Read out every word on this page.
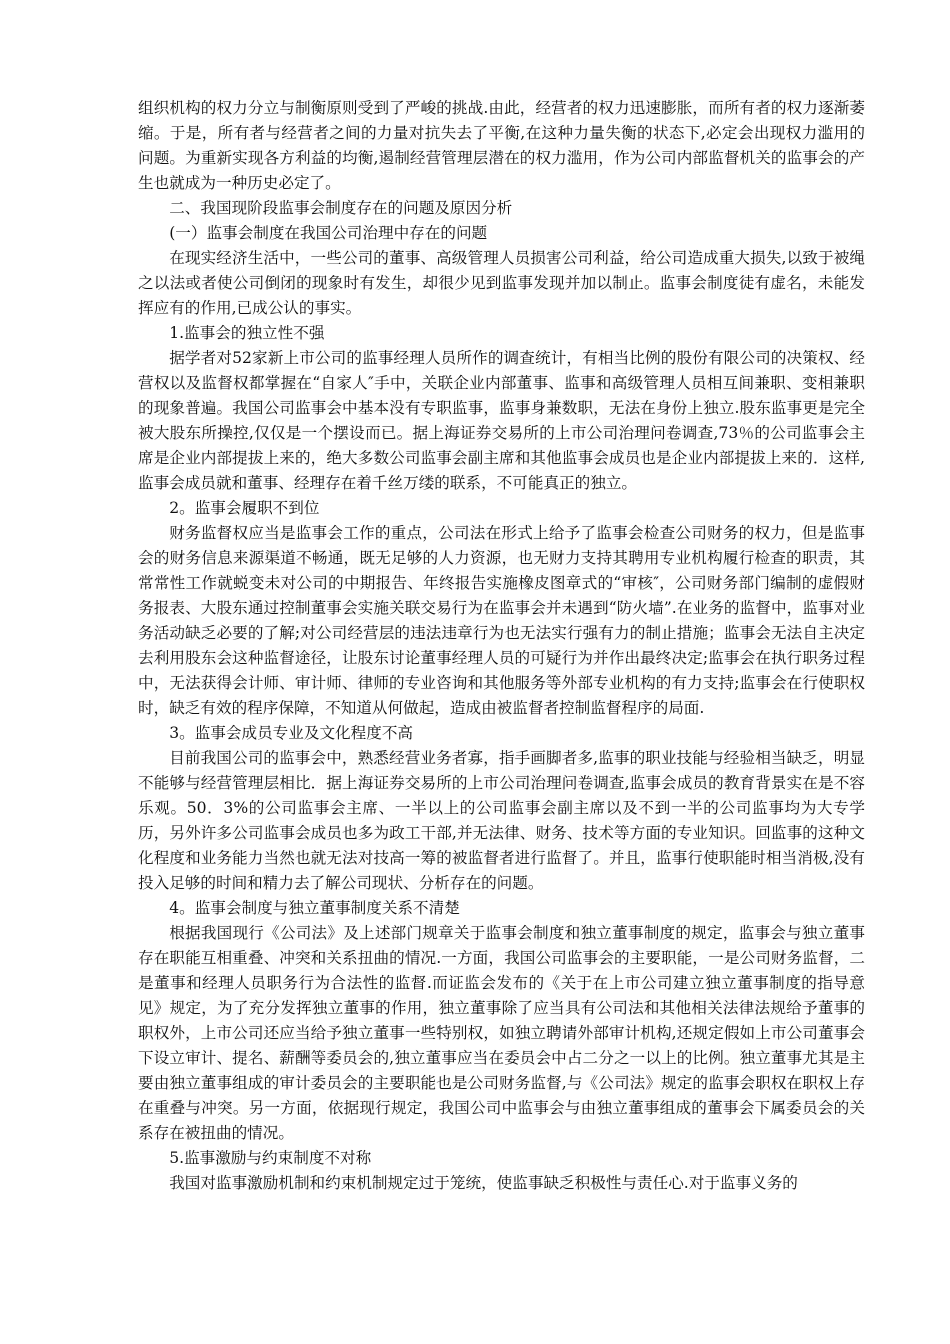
组织机构的权力分立与制衡原则受到了严峻的挑战.由此，经营者的权力迅速膨胀，而所有者的权力逐渐萎缩。于是，所有者与经营者之间的力量对抗失去了平衡,在这种力量失衡的状态下,必定会出现权力滥用的问题。为重新实现各方利益的均衡,遏制经营管理层潜在的权力滥用，作为公司内部监督机关的监事会的产生也就成为一种历史必定了。

二、我国现阶段监事会制度存在的问题及原因分析

(一）监事会制度在我国公司治理中存在的问题

在现实经济生活中，一些公司的董事、高级管理人员损害公司利益，给公司造成重大损失,以致于被绳之以法或者使公司倒闭的现象时有发生，却很少见到监事发现并加以制止。监事会制度徒有虚名，未能发挥应有的作用,已成公认的事实。

1.监事会的独立性不强

据学者对52家新上市公司的监事经理人员所作的调查统计，有相当比例的股份有限公司的决策权、经营权以及监督权都掌握在“自家人″手中，关联企业内部董事、监事和高级管理人员相互间兼职、变相兼职的现象普遍。我国公司监事会中基本没有专职监事，监事身兼数职，无法在身份上独立.股东监事更是完全被大股东所操控,仅仅是一个摆设而已。据上海证券交易所的上市公司治理问卷调查,73％的公司监事会主席是企业内部提拔上来的，绝大多数公司监事会副主席和其他监事会成员也是企业内部提拔上来的．这样,监事会成员就和董事、经理存在着千丝万缕的联系，不可能真正的独立。

2。监事会履职不到位

财务监督权应当是监事会工作的重点，公司法在形式上给予了监事会检查公司财务的权力，但是监事会的财务信息来源渠道不畅通，既无足够的人力资源，也无财力支持其聘用专业机构履行检查的职责，其常常性工作就蜕变未对公司的中期报告、年终报告实施橡皮图章式的“审核″，公司财务部门编制的虚假财务报表、大股东通过控制董事会实施关联交易行为在监事会并未遇到“防火墙”.在业务的监督中，监事对业务活动缺乏必要的了解;对公司经营层的违法违章行为也无法实行强有力的制止措施；监事会无法自主决定去利用股东会这种监督途径，让股东讨论董事经理人员的可疑行为并作出最终决定;监事会在执行职务过程中，无法获得会计师、审计师、律师的专业咨询和其他服务等外部专业机构的有力支持;监事会在行使职权时，缺乏有效的程序保障，不知道从何做起，造成由被监督者控制监督程序的局面.

3。监事会成员专业及文化程度不高

目前我国公司的监事会中，熟悉经营业务者寡，指手画脚者多,监事的职业技能与经验相当缺乏，明显不能够与经营管理层相比．据上海证券交易所的上市公司治理问卷调查,监事会成员的教育背景实在是不容乐观。50．3%的公司监事会主席、一半以上的公司监事会副主席以及不到一半的公司监事均为大专学历，另外许多公司监事会成员也多为政工干部,并无法律、财务、技术等方面的专业知识。回监事的这种文化程度和业务能力当然也就无法对技高一筹的被监督者进行监督了。并且，监事行使职能时相当消极,没有投入足够的时间和精力去了解公司现状、分析存在的问题。

4。监事会制度与独立董事制度关系不清楚

根据我国现行《公司法》及上述部门规章关于监事会制度和独立董事制度的规定，监事会与独立董事存在职能互相重叠、冲突和关系扭曲的情况.一方面，我国公司监事会的主要职能，一是公司财务监督，二是董事和经理人员职务行为合法性的监督.而证监会发布的《关于在上市公司建立独立董事制度的指导意见》规定，为了充分发挥独立董事的作用，独立董事除了应当具有公司法和其他相关法律法规给予董事的职权外，上市公司还应当给予独立董事一些特别权，如独立聘请外部审计机构,还规定假如上市公司董事会下设立审计、提名、薪酬等委员会的,独立董事应当在委员会中占二分之一以上的比例。独立董事尤其是主要由独立董事组成的审计委员会的主要职能也是公司财务监督,与《公司法》规定的监事会职权在职权上存在重叠与冲突。另一方面，依据现行规定，我国公司中监事会与由独立董事组成的董事会下属委员会的关系存在被扭曲的情况。

5.监事激励与约束制度不对称

我国对监事激励机制和约束机制规定过于笼统，使监事缺乏积极性与责任心.对于监事义务的
